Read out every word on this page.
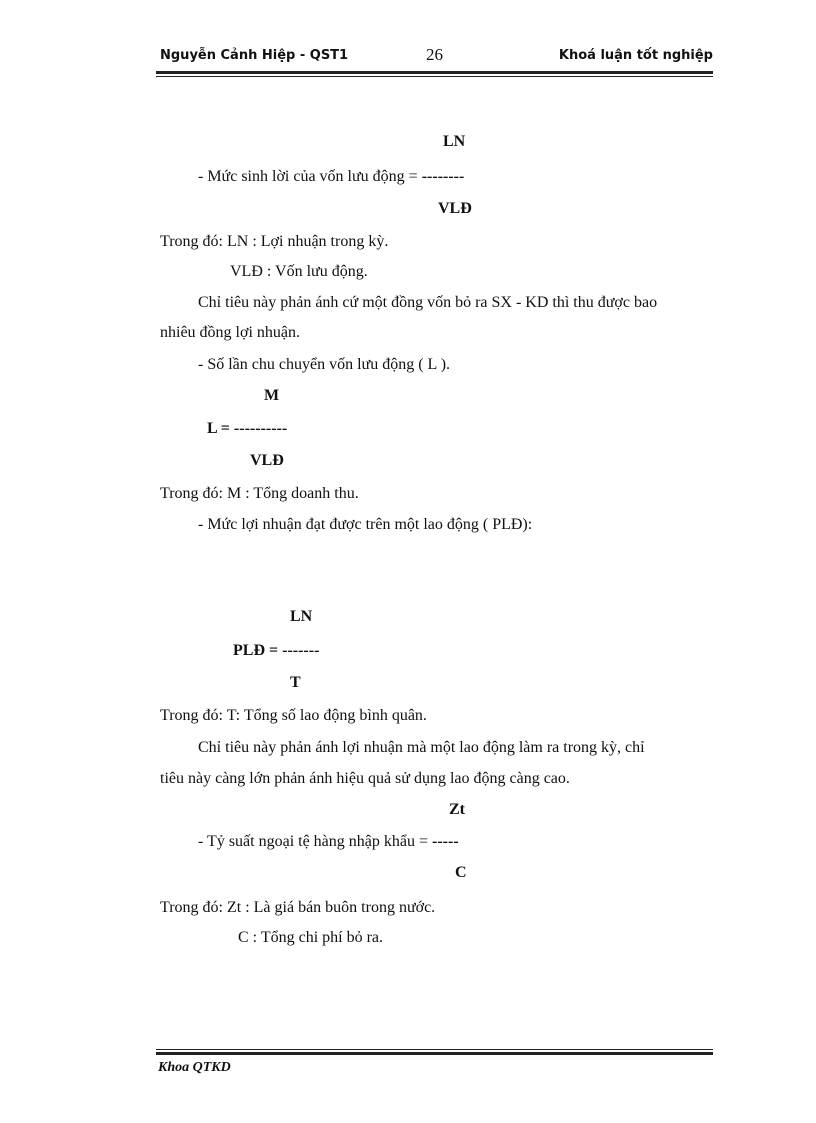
Nguyễn Cảnh Hiệp - QST1	26	Khoá luận tốt nghiệp
LN
- Mức sinh lời của vốn lưu động = --------
VLĐ
Trong đó: LN : Lợi nhuận trong kỳ.
VLĐ : Vốn lưu động.
Chỉ tiêu này phản ánh cứ một đồng vốn bỏ ra SX - KD thì thu được bao
nhiêu đồng lợi nhuận.
- Số lần chu chuyển vốn lưu động ( L ).
M
L = ----------
VLĐ
Trong đó: M : Tổng doanh thu.
- Mức lợi nhuận đạt được trên một lao động ( PLĐ):
LN
PLĐ = -------
T
Trong đó: T: Tổng số lao động bình quân.
Chỉ tiêu này phản ánh lợi nhuận mà một lao động làm ra trong kỳ, chỉ
tiêu này càng lớn phản ánh hiệu quả sử dụng lao động càng cao.
Zt
- Tỷ suất ngoại tệ hàng nhập khẩu = -----
C
Trong đó: Zt : Là giá bán buôn trong nước.
C : Tổng chi phí bỏ ra.
Khoa QTKD
